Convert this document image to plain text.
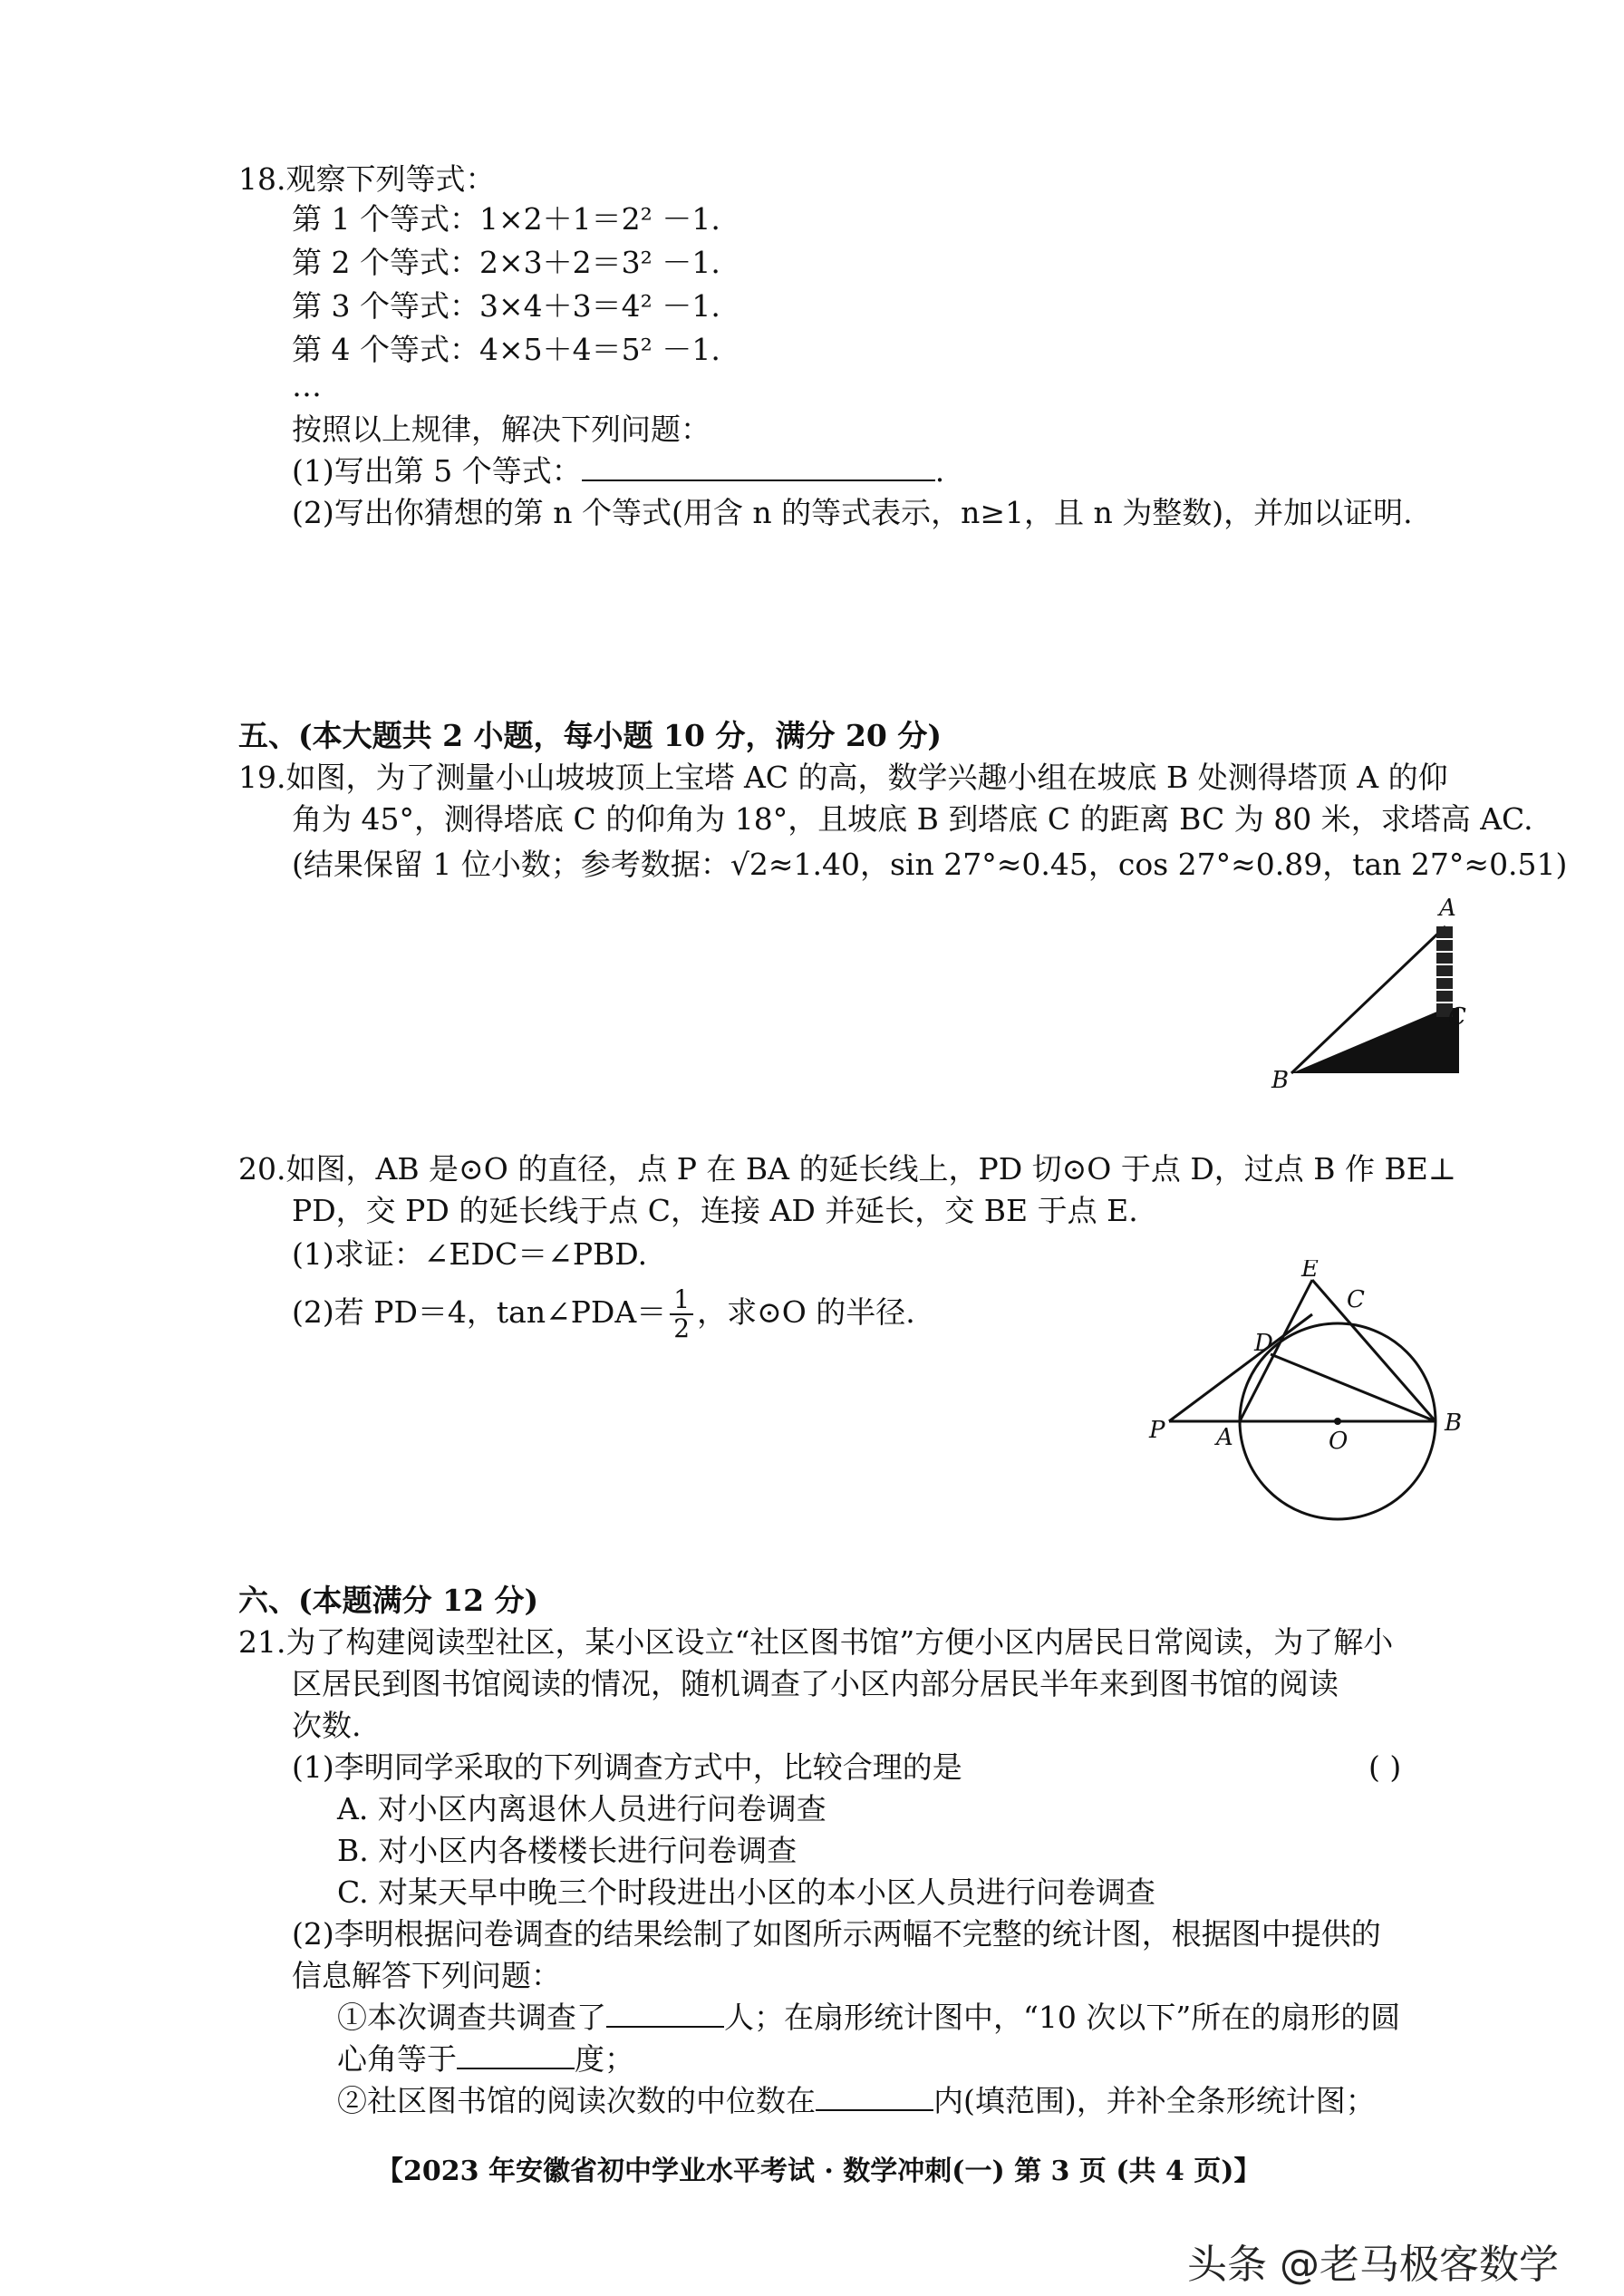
18.观察下列等式：
第 1 个等式：1×2＋1＝2² －1.
第 2 个等式：2×3＋2＝3² －1.
第 3 个等式：3×4＋3＝4² －1.
第 4 个等式：4×5＋4＝5² －1.
…
按照以上规律，解决下列问题：
(1)写出第 5 个等式：	.
(2)写出你猜想的第 n 个等式(用含 n 的等式表示，n≥1，且 n 为整数)，并加以证明.
五、(本大题共 2 小题，每小题 10 分，满分 20 分)
19.如图，为了测量小山坡坡顶上宝塔 AC 的高，数学兴趣小组在坡底 B 处测得塔顶 A 的仰
角为 45°，测得塔底 C 的仰角为 18°，且坡底 B 到塔底 C 的距离 BC 为 80 米，求塔高 AC.
(结果保留 1 位小数；参考数据：√2≈1.40，sin 27°≈0.45，cos 27°≈0.89，tan 27°≈0.51)
A
B
C
20.如图，AB 是⊙O 的直径，点 P 在 BA 的延长线上，PD 切⊙O 于点 D，过点 B 作 BE⊥
PD，交 PD 的延长线于点 C，连接 AD 并延长，交 BE 于点 E.
(1)求证：∠EDC＝∠PBD.
(2)若 PD＝4，tan∠PDA＝ $\frac{1}{2}$ ，求⊙O 的半径.
E
C
D
P A	O
B
六、(本题满分 12 分)
21.为了构建阅读型社区，某小区设立“社区图书馆”方便小区内居民日常阅读，为了解小
区居民到图书馆阅读的情况，随机调查了小区内部分居民半年来到图书馆的阅读
次数.
(1)李明同学采取的下列调查方式中，比较合理的是	( )
A. 对小区内离退休人员进行问卷调查
B. 对小区内各楼楼长进行问卷调查
C. 对某天早中晚三个时段进出小区的本小区人员进行问卷调查
(2)李明根据问卷调查的结果绘制了如图所示两幅不完整的统计图，根据图中提供的
信息解答下列问题：
①本次调查共调查了	人；在扇形统计图中，“10 次以下”所在的扇形的圆
心角等于	度；
②社区图书馆的阅读次数的中位数在	内(填范围)，并补全条形统计图；
【2023 年安徽省初中学业水平考试 · 数学冲刺(一) 第 3 页 (共 4 页)】
头条 @老马极客数学
